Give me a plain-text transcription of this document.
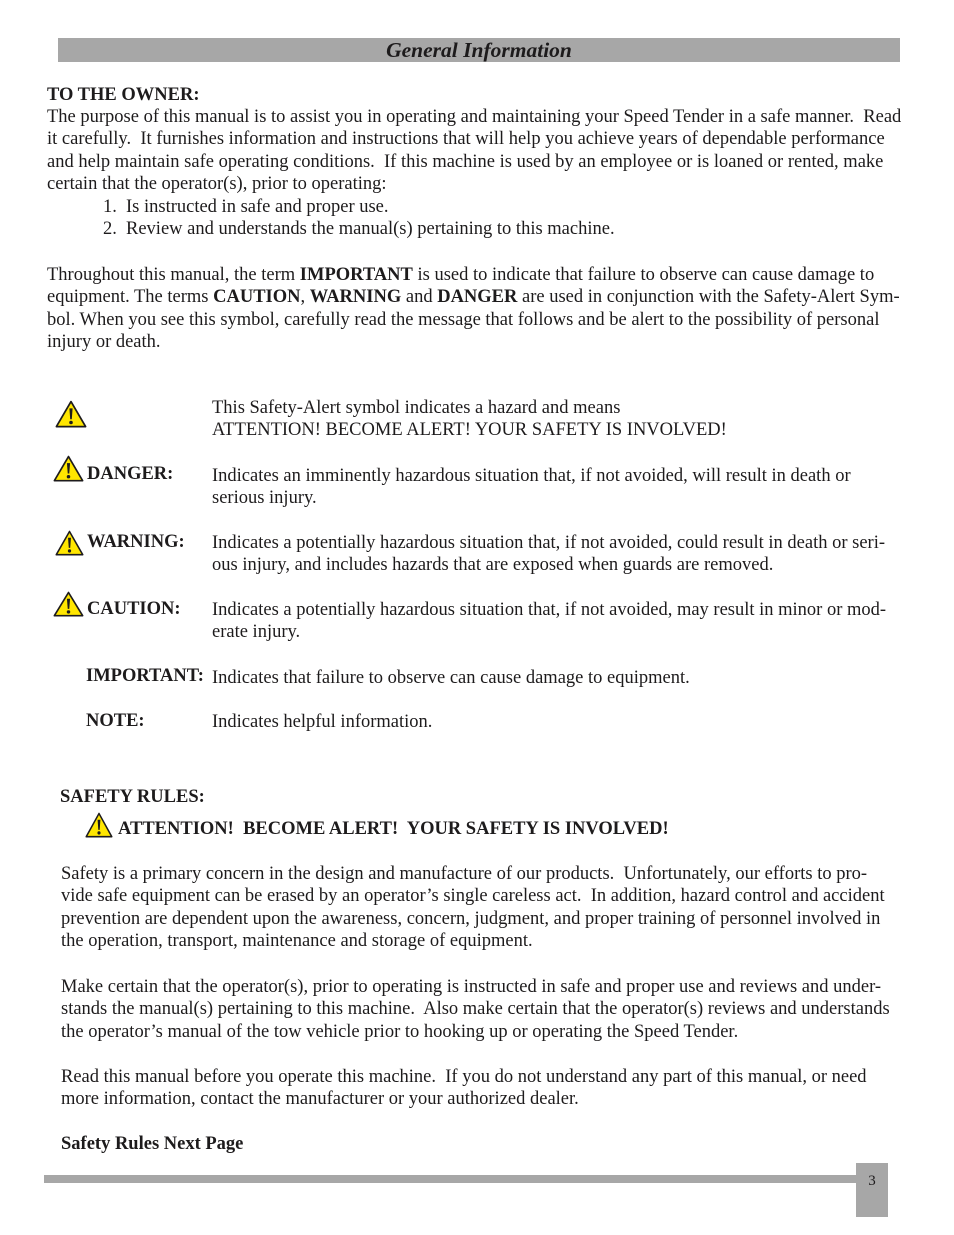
General Information
TO THE OWNER:
The purpose of this manual is to assist you in operating and maintaining your Speed Tender in a safe manner.  Read
it carefully.  It furnishes information and instructions that will help you achieve years of dependable performance
and help maintain safe operating conditions.  If this machine is used by an employee or is loaned or rented, make
certain that the operator(s), prior to operating:
1. Is instructed in safe and proper use.
2. Review and understands the manual(s) pertaining to this machine.
Throughout this manual, the term IMPORTANT is used to indicate that failure to observe can cause damage to
equipment. The terms CAUTION, WARNING and DANGER are used in conjunction with the Safety-Alert Sym-
bol. When you see this symbol, carefully read the message that follows and be alert to the possibility of personal
injury or death.
This Safety-Alert symbol indicates a hazard and means
ATTENTION! BECOME ALERT! YOUR SAFETY IS INVOLVED!
DANGER: Indicates an imminently hazardous situation that, if not avoided, will result in death or
serious injury.
WARNING: Indicates a potentially hazardous situation that, if not avoided, could result in death or seri-
ous injury, and includes hazards that are exposed when guards are removed.
CAUTION: Indicates a potentially hazardous situation that, if not avoided, may result in minor or mod-
erate injury.
IMPORTANT: Indicates that failure to observe can cause damage to equipment.
NOTE:	Indicates helpful information.
SAFETY RULES:
ATTENTION!  BECOME ALERT!  YOUR SAFETY IS INVOLVED!
Safety is a primary concern in the design and manufacture of our products.  Unfortunately, our efforts to pro-
vide safe equipment can be erased by an operator’s single careless act.  In addition, hazard control and accident
prevention are dependent upon the awareness, concern, judgment, and proper training of personnel involved in
the operation, transport, maintenance and storage of equipment.
Make certain that the operator(s), prior to operating is instructed in safe and proper use and reviews and under-
stands the manual(s) pertaining to this machine.  Also make certain that the operator(s) reviews and understands
the operator’s manual of the tow vehicle prior to hooking up or operating the Speed Tender.
Read this manual before you operate this machine.  If you do not understand any part of this manual, or need
more information, contact the manufacturer or your authorized dealer.
Safety Rules Next Page
3
